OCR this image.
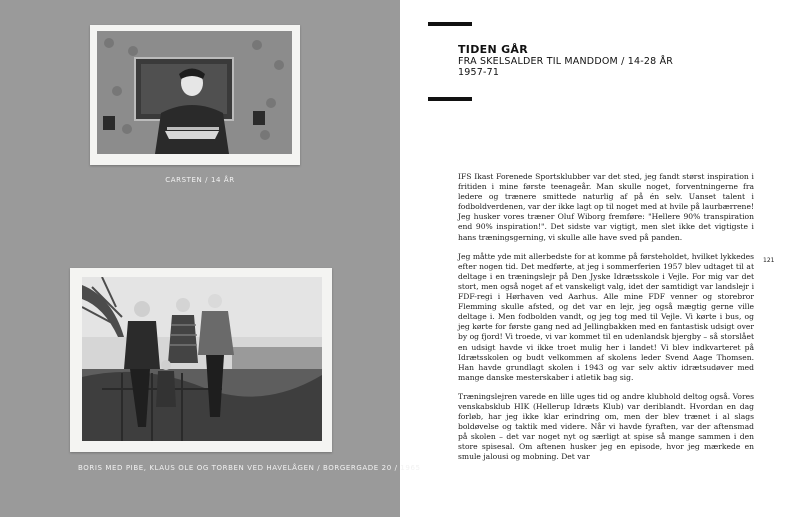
CARSTEN / 14 ÅR
BORIS MED PIBE, KLAUS OLE OG TORBEN VED HAVELÅGEN / BORGERGADE 20 / 1965
TIDEN GÅR
FRA SKELSALDER TIL MANDDOM / 14-28 ÅR
1957-71
121

IFS Ikast Forenede Sportsklubber var det sted, jeg fandt størst inspiration i fritiden i mine første teenageår. Man skulle noget, forventningerne fra ledere og trænere smittede naturlig af på én selv. Uanset talent i fodboldverdenen, var der ikke lagt op til noget med at hvile på laurbærrene! Jeg husker vores træner Oluf Wiborg fremføre: "Hellere 90% transpiration end 90% inspiration!". Det sidste var vigtigt, men slet ikke det vigtigste i hans træningsgerning, vi skulle alle have sved på panden.

Jeg måtte yde mit allerbedste for at komme på førsteholdet, hvilket lykkedes efter nogen tid. Det medførte, at jeg i sommerferien 1957 blev udtaget til at deltage i en træningslejr på Den Jyske Idrætsskole i Vejle. For mig var det stort, men også noget af et vanskeligt valg, idet der samtidigt var landslejr i FDF-regi i Hørhaven ved Aarhus. Alle mine FDF venner og storebror Flemming skulle afsted, og det var en lejr, jeg også mægtig gerne ville deltage i. Men fodbolden vandt, og jeg tog med til Vejle. Vi kørte i bus, og jeg kørte for første gang ned ad Jellingbakken med en fantastisk udsigt over by og fjord! Vi troede, vi var kommet til en udenlandsk bjergby – så storslået en udsigt havde vi ikke troet mulig her i landet! Vi blev indkvarteret på Idrætsskolen og budt velkommen af skolens leder Svend Aage Thomsen. Han havde grundlagt skolen i 1943 og var selv aktiv idrætsudøver med mange danske mesterskaber i atletik bag sig.

Træningslejren varede en lille uges tid og andre klubhold deltog også. Vores venskabsklub HIK (Hellerup Idræts Klub) var deriblandt. Hvordan en dag forløb, har jeg ikke klar erindring om, men der blev trænet i al slags boldøvelse og taktik med videre. Når vi havde fyraften, var der aftensmad på skolen – det var noget nyt og særligt at spise så mange sammen i den store spisesal. Om aftenen husker jeg en episode, hvor jeg mærkede en smule jalousi og mobning. Det var
